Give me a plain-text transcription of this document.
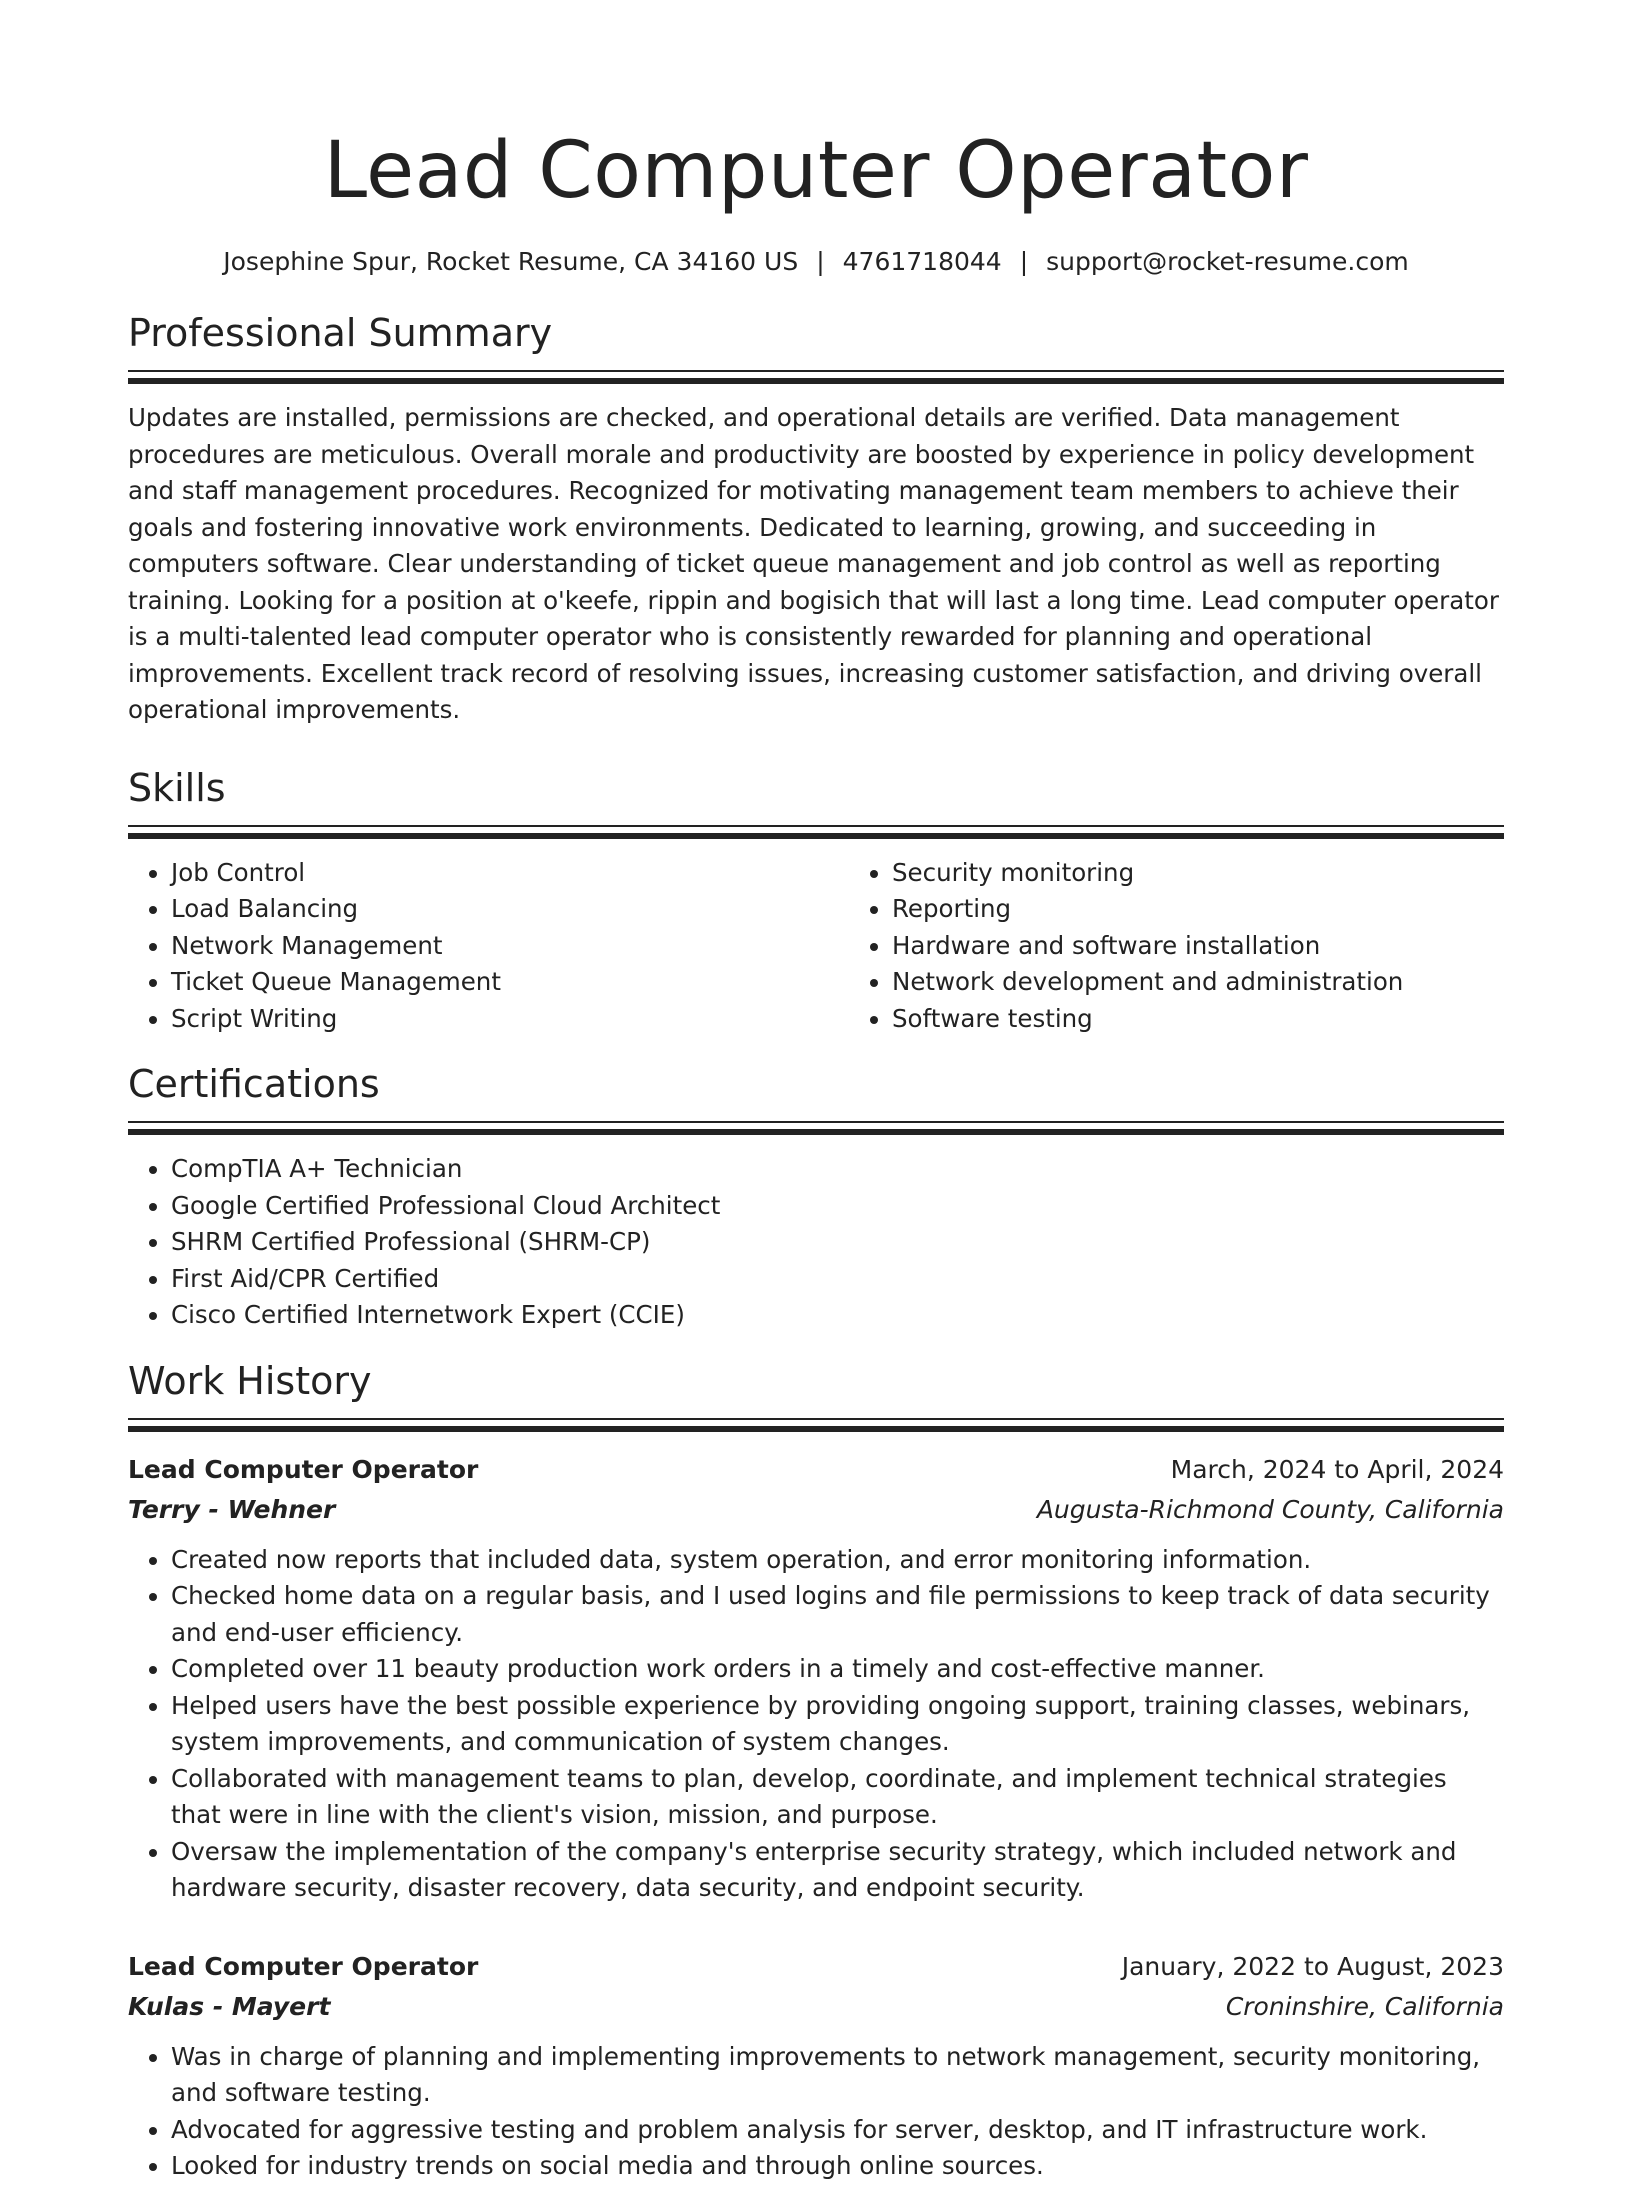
Lead Computer Operator
Josephine Spur, Rocket Resume, CA 34160 US | 4761718044 | support@rocket-resume.com
Professional Summary

Updates are installed, permissions are checked, and operational details are verified. Data management procedures are meticulous. Overall morale and productivity are boosted by experience in policy development and staff management procedures. Recognized for motivating management team members to achieve their goals and fostering innovative work environments. Dedicated to learning, growing, and succeeding in computers software. Clear understanding of ticket queue management and job control as well as reporting training. Looking for a position at o'keefe, rippin and bogisich that will last a long time. Lead computer operator is a multi-talented lead computer operator who is consistently rewarded for planning and operational improvements. Excellent track record of resolving issues, increasing customer satisfaction, and driving overall operational improvements.

Skills
• Job Control
• Load Balancing
• Network Management
• Ticket Queue Management
• Script Writing
• Security monitoring
• Reporting
• Hardware and software installation
• Network development and administration
• Software testing
Certifications
• CompTIA A+ Technician
• Google Certified Professional Cloud Architect
• SHRM Certified Professional (SHRM-CP)
• First Aid/CPR Certified
• Cisco Certified Internetwork Expert (CCIE)
Work History
Lead Computer Operator	March, 2024 to April, 2024
Terry - Wehner	Augusta-Richmond County, California
• Created now reports that included data, system operation, and error monitoring information.
• Checked home data on a regular basis, and I used logins and file permissions to keep track of data security and end-user efficiency.
• Completed over 11 beauty production work orders in a timely and cost-effective manner.
• Helped users have the best possible experience by providing ongoing support, training classes, webinars, system improvements, and communication of system changes.
• Collaborated with management teams to plan, develop, coordinate, and implement technical strategies that were in line with the client's vision, mission, and purpose.
• Oversaw the implementation of the company's enterprise security strategy, which included network and hardware security, disaster recovery, data security, and endpoint security.
Lead Computer Operator	January, 2022 to August, 2023
Kulas - Mayert	Croninshire, California
• Was in charge of planning and implementing improvements to network management, security monitoring, and software testing.
• Advocated for aggressive testing and problem analysis for server, desktop, and IT infrastructure work.
• Looked for industry trends on social media and through online sources.
